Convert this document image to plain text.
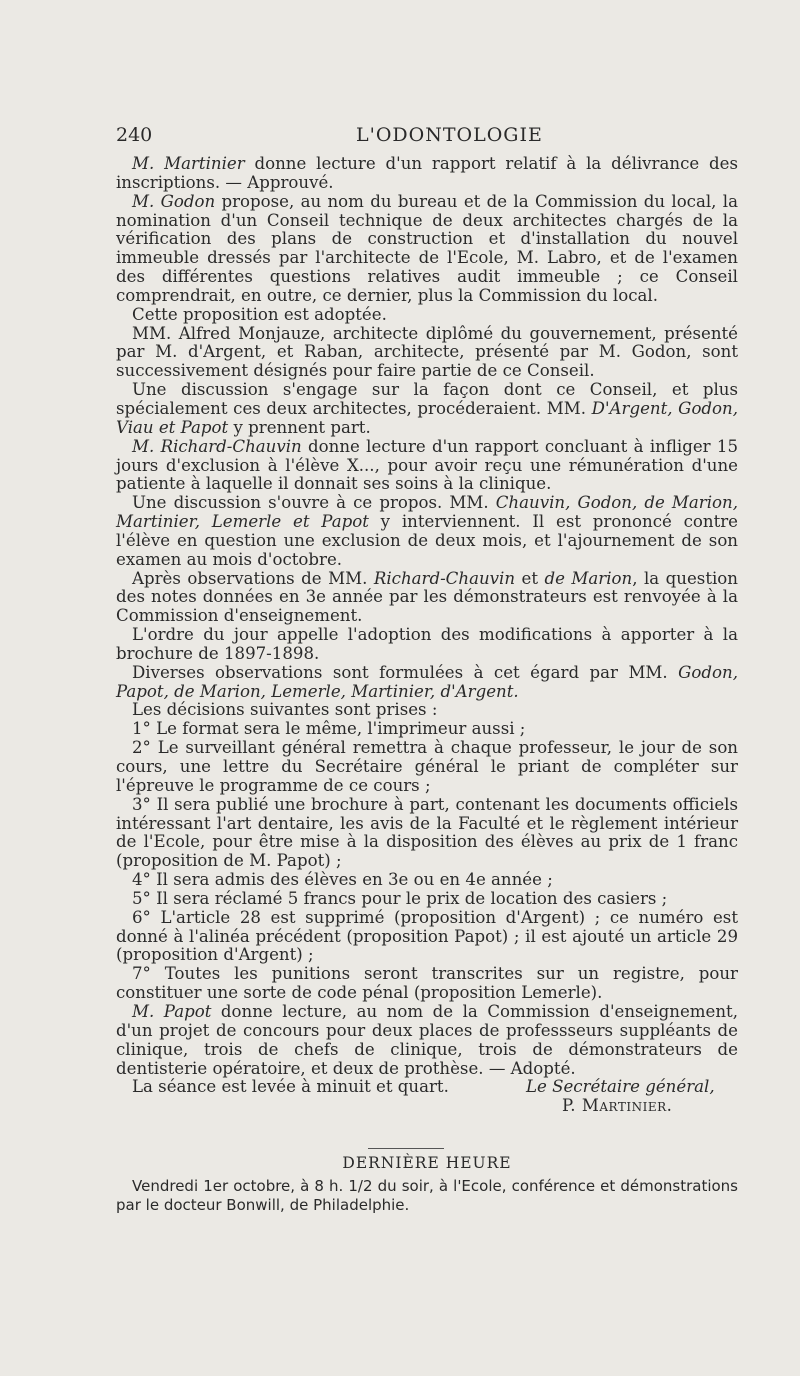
240	L'ODONTOLOGIE

M. Martinier donne lecture d'un rapport relatif à la délivrance des inscriptions. — Approuvé.

M. Godon propose, au nom du bureau et de la Commission du local, la nomination d'un Conseil technique de deux architectes chargés de la vérification des plans de construction et d'installation du nouvel immeuble dressés par l'architecte de l'Ecole, M. Labro, et de l'examen des différentes questions relatives audit immeuble ; ce Conseil comprendrait, en outre, ce dernier, plus la Commission du local.

Cette proposition est adoptée.

MM. Alfred Monjauze, architecte diplômé du gouvernement, présenté par M. d'Argent, et Raban, architecte, présenté par M. Godon, sont successivement désignés pour faire partie de ce Conseil.

Une discussion s'engage sur la façon dont ce Conseil, et plus spécialement ces deux architectes, procéderaient. MM. D'Argent, Godon, Viau et Papot y prennent part.

M. Richard-Chauvin donne lecture d'un rapport concluant à infliger 15 jours d'exclusion à l'élève X..., pour avoir reçu une rémunération d'une patiente à laquelle il donnait ses soins à la clinique.

Une discussion s'ouvre à ce propos. MM. Chauvin, Godon, de Marion, Martinier, Lemerle et Papot y interviennent. Il est prononcé contre l'élève en question une exclusion de deux mois, et l'ajournement de son examen au mois d'octobre.

Après observations de MM. Richard-Chauvin et de Marion, la question des notes données en 3e année par les démonstrateurs est renvoyée à la Commission d'enseignement.

L'ordre du jour appelle l'adoption des modifications à apporter à la brochure de 1897-1898.

Diverses observations sont formulées à cet égard par MM. Godon, Papot, de Marion, Lemerle, Martinier, d'Argent.

Les décisions suivantes sont prises :

1° Le format sera le même, l'imprimeur aussi ;

2° Le surveillant général remettra à chaque professeur, le jour de son cours, une lettre du Secrétaire général le priant de compléter sur l'épreuve le programme de ce cours ;

3° Il sera publié une brochure à part, contenant les documents officiels intéressant l'art dentaire, les avis de la Faculté et le règlement intérieur de l'Ecole, pour être mise à la disposition des élèves au prix de 1 franc (proposition de M. Papot) ;

4° Il sera admis des élèves en 3e ou en 4e année ;

5° Il sera réclamé 5 francs pour le prix de location des casiers ;

6° L'article 28 est supprimé (proposition d'Argent) ; ce numéro est donné à l'alinéa précédent (proposition Papot) ; il est ajouté un article 29 (proposition d'Argent) ;

7° Toutes les punitions seront transcrites sur un registre, pour constituer une sorte de code pénal (proposition Lemerle).

M. Papot donne lecture, au nom de la Commission d'enseignement, d'un projet de concours pour deux places de professseurs suppléants de clinique, trois de chefs de clinique, trois de démonstrateurs de dentisterie opératoire, et deux de prothèse. — Adopté.

La séance est levée à minuit et quart.	Le Secrétaire général,
P. Martinier.
DERNIÈRE HEURE

Vendredi 1er octobre, à 8 h. 1/2 du soir, à l'Ecole, conférence et démonstrations par le docteur Bonwill, de Philadelphie.
